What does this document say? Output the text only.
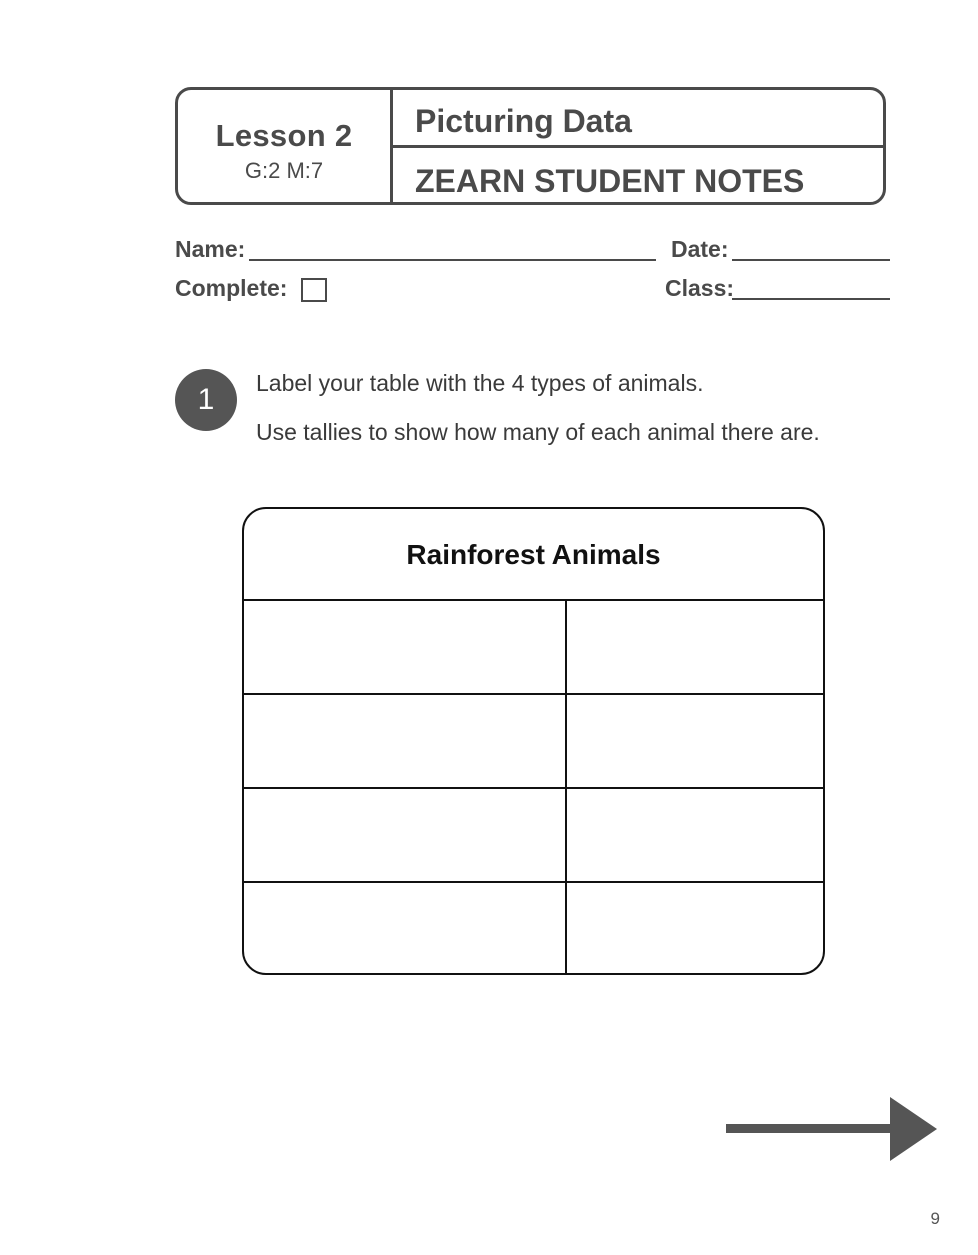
Lesson 2
G:2 M:7
Picturing Data
ZEARN STUDENT NOTES
Name:	Date:
Complete:	Class:
1	Label your table with the 4 types of animals.
Use tallies to show how many of each animal there are.
Rainforest Animals
9
